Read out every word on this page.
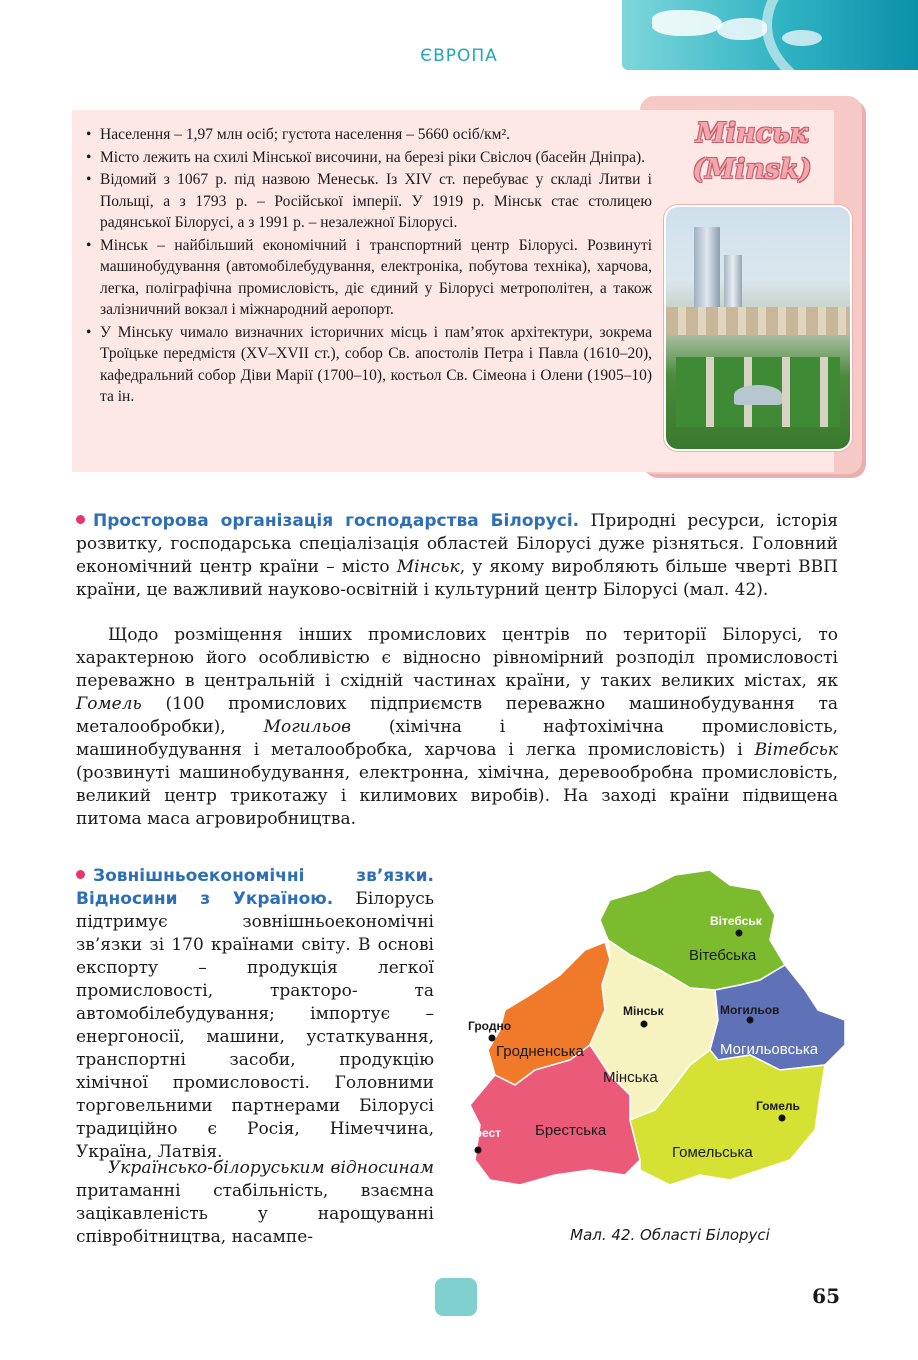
ЄВРОПА
• Населення – 1,97 млн осіб; густота населення – 5660 осіб/км².
• Місто лежить на схилі Мінської височини, на березі ріки Свіслоч (басейн Дніпра).
• Відомий з 1067 р. під назвою Менеськ. Із XIV ст. перебуває у складі Литви і Польщі, а з 1793 р. – Російської імперії. У 1919 р. Мінськ стає столицею радянської Білорусі, а з 1991 р. – незалежної Білорусі.
• Мінськ – найбільший економічний і транспортний центр Білорусі. Розвинуті машинобудування (автомобілебудування, електроніка, побутова техніка), харчова, легка, поліграфічна промисловість, діє єдиний у Білорусі метрополітен, а також залізничний вокзал і міжнародний аеропорт.
• У Мінську чимало визначних історичних місць і пам’яток архітектури, зокрема Троїцьке передмістя (XV–XVII ст.), собор Св. апостолів Петра і Павла (1610–20), кафедральний собор Діви Марії (1700–10), костьол Св. Сімеона і Олени (1905–10) та ін.
Мінськ
(Minsk)
Просторова організація господарства Білорусі. Природні ресурси, історія розвитку, господарська спеціалізація областей Білорусі дуже різняться. Головний економічний центр країни – місто Мінськ, у якому виробляють більше чверті ВВП країни, це важливий науково-освітній і культурний центр Білорусі (мал. 42).
Щодо розміщення інших промислових центрів по території Білорусі, то характерною його особливістю є відносно рівномірний розподіл промисловості переважно в центральній і східній частинах країни, у таких великих містах, як Гомель (100 промислових підприємств переважно машинобудування та металообробки), Могильов (хімічна і нафтохімічна промисловість, машинобудування і металообробка, харчова і легка промисловість) і Вітебськ (розвинуті машинобудування, електронна, хімічна, деревообробна промисловість, великий центр трикотажу і килимових виробів). На заході країни підвищена питома маса агровиробництва.
Зовнішньоекономічні зв’язки. Відносини з Україною. Білорусь підтримує зовнішньоекономічні зв’язки зі 170 країнами світу. В основі експорту – продукція легкої промисловості, тракторо- та автомобілебудування; імпортує – енергоносії, машини, устаткування, транспортні засоби, продукцію хімічної промисловості. Головними торговельними партнерами Білорусі традиційно є Росія, Німеччина, Україна, Латвія.
Українсько-білоруським відносинам притаманні стабільність, взаємна зацікавленість у нарощуванні співробітництва, насампе-
Вітебська
Мінська
Гродненська	Могильовська
Брестська
Гомельська
Вітебськ
Мінськ
Гродно
Могильов
Гомель
Брест
Мал. 42. Області Білорусі
65
